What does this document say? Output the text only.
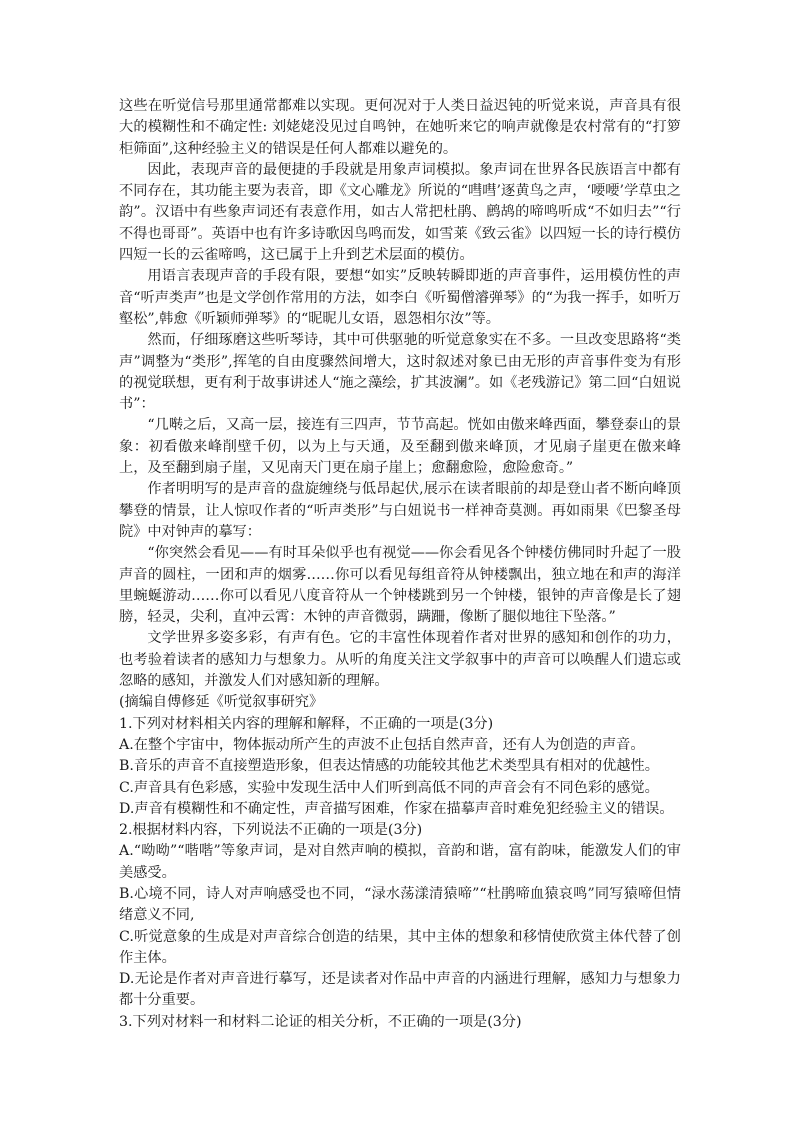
这些在听觉信号那里通常都难以实现。更何况对于人类日益迟钝的听觉来说，声音具有很大的模糊性和不确定性: 刘姥姥没见过自鸣钟，在她听来它的响声就像是农村常有的“打箩柜筛面”,这种经验主义的错误是任何人都难以避免的。

因此，表现声音的最便捷的手段就是用象声词模拟。象声词在世界各民族语言中都有不同存在，其功能主要为表音，即《文心雕龙》所说的“嘒嘒’逐黄鸟之声，‘喓喓’学草虫之韵”。汉语中有些象声词还有表意作用，如古人常把杜鹃、鹧鸪的啼鸣听成“不如归去”“行不得也哥哥”。英语中也有许多诗歌因鸟鸣而发，如雪莱《致云雀》以四短一长的诗行模仿四短一长的云雀啼鸣，这已属于上升到艺术层面的模仿。

用语言表现声音的手段有限，要想“如实”反映转瞬即逝的声音事件，运用模仿性的声音“听声类声”也是文学创作常用的方法，如李白《听蜀僧濬弹琴》的“为我一挥手，如听万壑松”,韩愈《听颖师弹琴》的“昵昵儿女语，恩怨相尔汝”等。

然而，仔细琢磨这些听琴诗，其中可供驱驰的听觉意象实在不多。一旦改变思路将“类声”调整为“类形”,挥笔的自由度骤然间增大，这时叙述对象已由无形的声音事件变为有形的视觉联想，更有利于故事讲述人“施之藻绘，扩其波澜”。如《老残游记》第二回“白妞说书”：

“几啭之后，又高一层，接连有三四声，节节高起。恍如由傲来峰西面，攀登泰山的景象：初看傲来峰削壁千仞，以为上与天通，及至翻到傲来峰顶，才见扇子崖更在傲来峰上，及至翻到扇子崖，又见南天门更在扇子崖上；愈翻愈险，愈险愈奇。”

作者明明写的是声音的盘旋缠绕与低昂起伏,展示在读者眼前的却是登山者不断向峰顶攀登的情景，让人惊叹作者的“听声类形”与白妞说书一样神奇莫测。再如雨果《巴黎圣母院》中对钟声的摹写：

“你突然会看见——有时耳朵似乎也有视觉——你会看见各个钟楼仿佛同时升起了一股声音的圆柱，一团和声的烟雾……你可以看见每组音符从钟楼飘出，独立地在和声的海洋里蜿蜒游动……你可以看见八度音符从一个钟楼跳到另一个钟楼，银钟的声音像是长了翅膀，轻灵，尖利，直冲云霄：木钟的声音微弱，蹒跚，像断了腿似地往下坠落。”

文学世界多姿多彩，有声有色。它的丰富性体现着作者对世界的感知和创作的功力，也考验着读者的感知力与想象力。从听的角度关注文学叙事中的声音可以唤醒人们遗忘或忽略的感知，并激发人们对感知新的理解。

(摘编自傅修延《听觉叙事研究》

1.下列对材料相关内容的理解和解释，不正确的一项是(3分)

A.在整个宇宙中，物体振动所产生的声波不止包括自然声音，还有人为创造的声音。

B.音乐的声音不直接塑造形象，但表达情感的功能较其他艺术类型具有相对的优越性。

C.声音具有色彩感，实验中发现生活中人们听到高低不同的声音会有不同色彩的感觉。

D.声音有模糊性和不确定性，声音描写困难，作家在描摹声音时难免犯经验主义的错误。

2.根据材料内容，下列说法不正确的一项是(3分)

A.“呦呦”“喈喈”等象声词，是对自然声响的模拟，音韵和谐，富有韵味，能激发人们的审美感受。

B.心境不同，诗人对声响感受也不同，“渌水荡漾清猿啼”“杜鹃啼血猿哀鸣”同写猿啼但情绪意义不同,

C.听觉意象的生成是对声音综合创造的结果，其中主体的想象和移情使欣赏主体代替了创作主体。

D.无论是作者对声音进行摹写，还是读者对作品中声音的内涵进行理解，感知力与想象力都十分重要。

3.下列对材料一和材料二论证的相关分析，不正确的一项是(3分)
